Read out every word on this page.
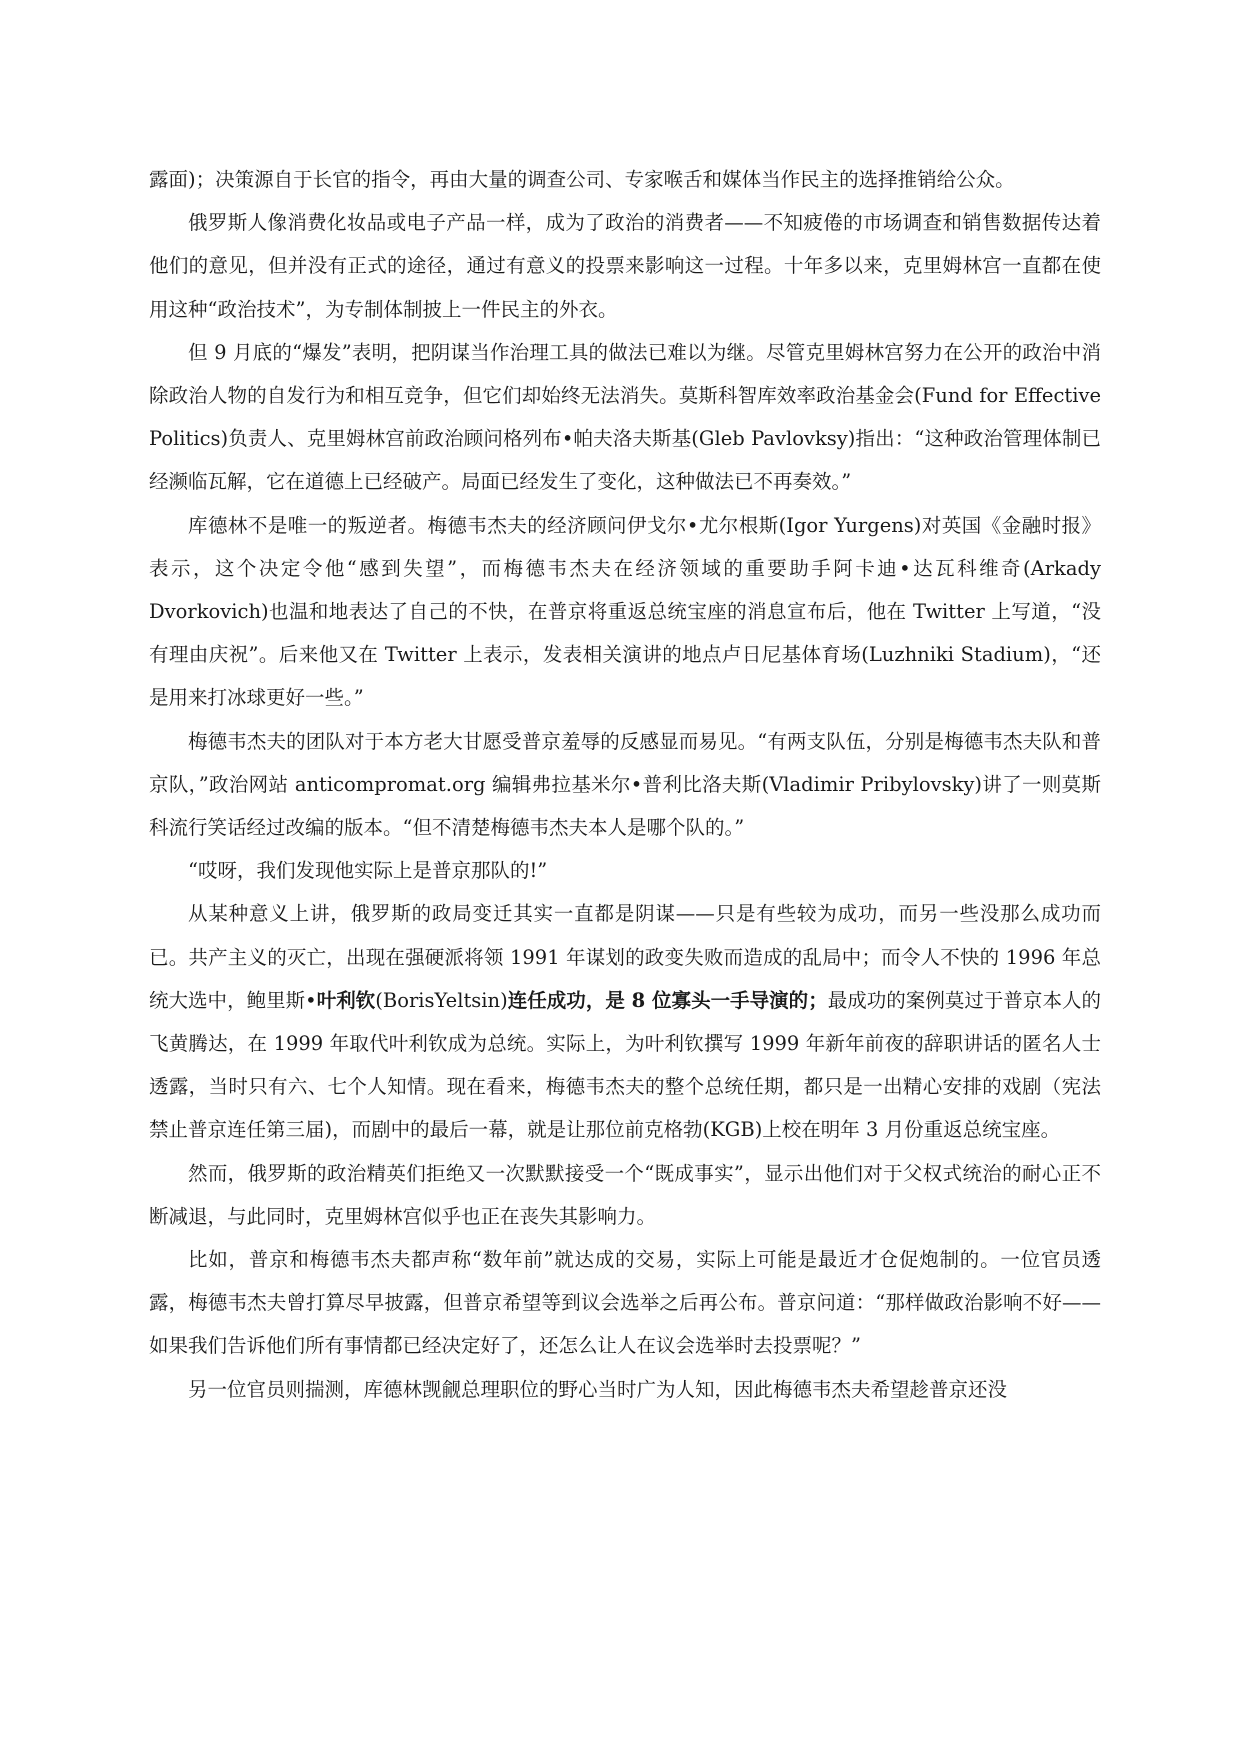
露面)；决策源自于长官的指令，再由大量的调查公司、专家喉舌和媒体当作民主的选择推销给公众。

俄罗斯人像消费化妆品或电子产品一样，成为了政治的消费者——不知疲倦的市场调查和销售数据传达着他们的意见，但并没有正式的途径，通过有意义的投票来影响这一过程。十年多以来，克里姆林宫一直都在使用这种“政治技术”，为专制体制披上一件民主的外衣。

但 9 月底的“爆发”表明，把阴谋当作治理工具的做法已难以为继。尽管克里姆林宫努力在公开的政治中消除政治人物的自发行为和相互竞争，但它们却始终无法消失。莫斯科智库效率政治基金会(Fund for Effective Politics)负责人、克里姆林宫前政治顾问格列布•帕夫洛夫斯基(Gleb Pavlovksy)指出：“这种政治管理体制已经濒临瓦解，它在道德上已经破产。局面已经发生了变化，这种做法已不再奏效。”

库德林不是唯一的叛逆者。梅德韦杰夫的经济顾问伊戈尔•尤尔根斯(Igor Yurgens)对英国《金融时报》表示，这个决定令他“感到失望”，而梅德韦杰夫在经济领域的重要助手阿卡迪•达瓦科维奇(Arkady Dvorkovich)也温和地表达了自己的不快，在普京将重返总统宝座的消息宣布后，他在 Twitter 上写道，“没有理由庆祝”。后来他又在 Twitter 上表示，发表相关演讲的地点卢日尼基体育场(Luzhniki Stadium)，“还是用来打冰球更好一些。”

梅德韦杰夫的团队对于本方老大甘愿受普京羞辱的反感显而易见。“有两支队伍，分别是梅德韦杰夫队和普京队，”政治网站 anticompromat.org 编辑弗拉基米尔•普利比洛夫斯(Vladimir Pribylovsky)讲了一则莫斯科流行笑话经过改编的版本。“但不清楚梅德韦杰夫本人是哪个队的。”

“哎呀，我们发现他实际上是普京那队的!”

从某种意义上讲，俄罗斯的政局变迁其实一直都是阴谋——只是有些较为成功，而另一些没那么成功而已。共产主义的灭亡，出现在强硬派将领 1991 年谋划的政变失败而造成的乱局中；而令人不快的 1996 年总统大选中，鲍里斯•叶利钦(BorisYeltsin)连任成功，是 8 位寡头一手导演的；最成功的案例莫过于普京本人的飞黄腾达，在 1999 年取代叶利钦成为总统。实际上，为叶利钦撰写 1999 年新年前夜的辞职讲话的匿名人士透露，当时只有六、七个人知情。现在看来，梅德韦杰夫的整个总统任期，都只是一出精心安排的戏剧（宪法禁止普京连任第三届)，而剧中的最后一幕，就是让那位前克格勃(KGB)上校在明年 3 月份重返总统宝座。

然而，俄罗斯的政治精英们拒绝又一次默默接受一个“既成事实”，显示出他们对于父权式统治的耐心正不断减退，与此同时，克里姆林宫似乎也正在丧失其影响力。

比如，普京和梅德韦杰夫都声称“数年前”就达成的交易，实际上可能是最近才仓促炮制的。一位官员透露，梅德韦杰夫曾打算尽早披露，但普京希望等到议会选举之后再公布。普京问道：“那样做政治影响不好——如果我们告诉他们所有事情都已经决定好了，还怎么让人在议会选举时去投票呢？”

另一位官员则揣测，库德林觊觎总理职位的野心当时广为人知，因此梅德韦杰夫希望趁普京还没
